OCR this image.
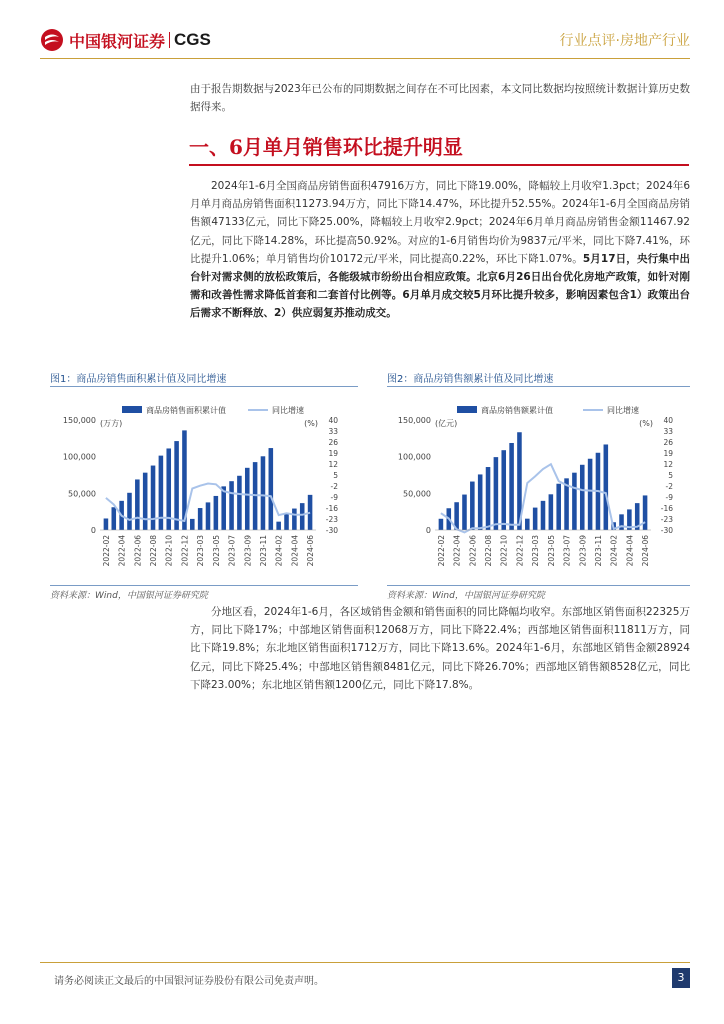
中国银河证券 CGS	行业点评·房地产行业

由于报告期数据与2023年已公布的同期数据之间存在不可比因素，本文同比数据均按照统计数据计算历史数据得来。

一、6月单月销售环比提升明显

2024年1-6月全国商品房销售面积47916万方，同比下降19.00%，降幅较上月收窄1.3pct；2024年6月单月商品房销售面积11273.94万方，同比下降14.47%，环比提升52.55%。2024年1-6月全国商品房销售额47133亿元，同比下降25.00%，降幅较上月收窄2.9pct；2024年6月单月商品房销售金额11467.92亿元，同比下降14.28%，环比提高50.92%。对应的1-6月销售均价为9837元/平米，同比下降7.41%，环比提升1.06%；单月销售均价10172元/平米，同比提高0.22%，环比下降1.07%。5月17日，央行集中出台针对需求侧的放松政策后，各能级城市纷纷出台相应政策。北京6月26日出台优化房地产政策，如针对刚需和改善性需求降低首套和二套首付比例等。6月单月成交较5月环比提升较多，影响因素包含1）政策出台后需求不断释放、2）供应弱复苏推动成交。

图1：商品房销售面积累计值及同比增速
150,000
100,000
50,000
0
40
33
26
19
12
5
-2
-9
-16
-23
-30
(万方)	(%)
2022-02 2022-04 2022-06 2022-08 2022-10 2022-12 2023-03 2023-05 2023-07 2023-09 2023-11 2024-02 2024-04 2024-06
商品房销售面积累计值	同比增速
资料来源：Wind，中国银河证券研究院
图2：商品房销售额累计值及同比增速
150,000
100,000
50,000
0
40
33
26
19
12
5
-2
-9
-16
-23
-30
(亿元)	(%)
2022-02 2022-04 2022-06 2022-08 2022-10 2022-12 2023-03 2023-05 2023-07 2023-09 2023-11 2024-02 2024-04 2024-06
商品房销售额累计值	同比增速
资料来源：Wind，中国银河证券研究院

分地区看，2024年1-6月，各区域销售金额和销售面积的同比降幅均收窄。东部地区销售面积22325万方，同比下降17%；中部地区销售面积12068万方，同比下降22.4%；西部地区销售面积11811万方，同比下降19.8%；东北地区销售面积1712万方，同比下降13.6%。2024年1-6月，东部地区销售金额28924亿元，同比下降25.4%；中部地区销售额8481亿元，同比下降26.70%；西部地区销售额8528亿元，同比下降23.00%；东北地区销售额1200亿元，同比下降17.8%。

请务必阅读正文最后的中国银河证券股份有限公司免责声明。	3
